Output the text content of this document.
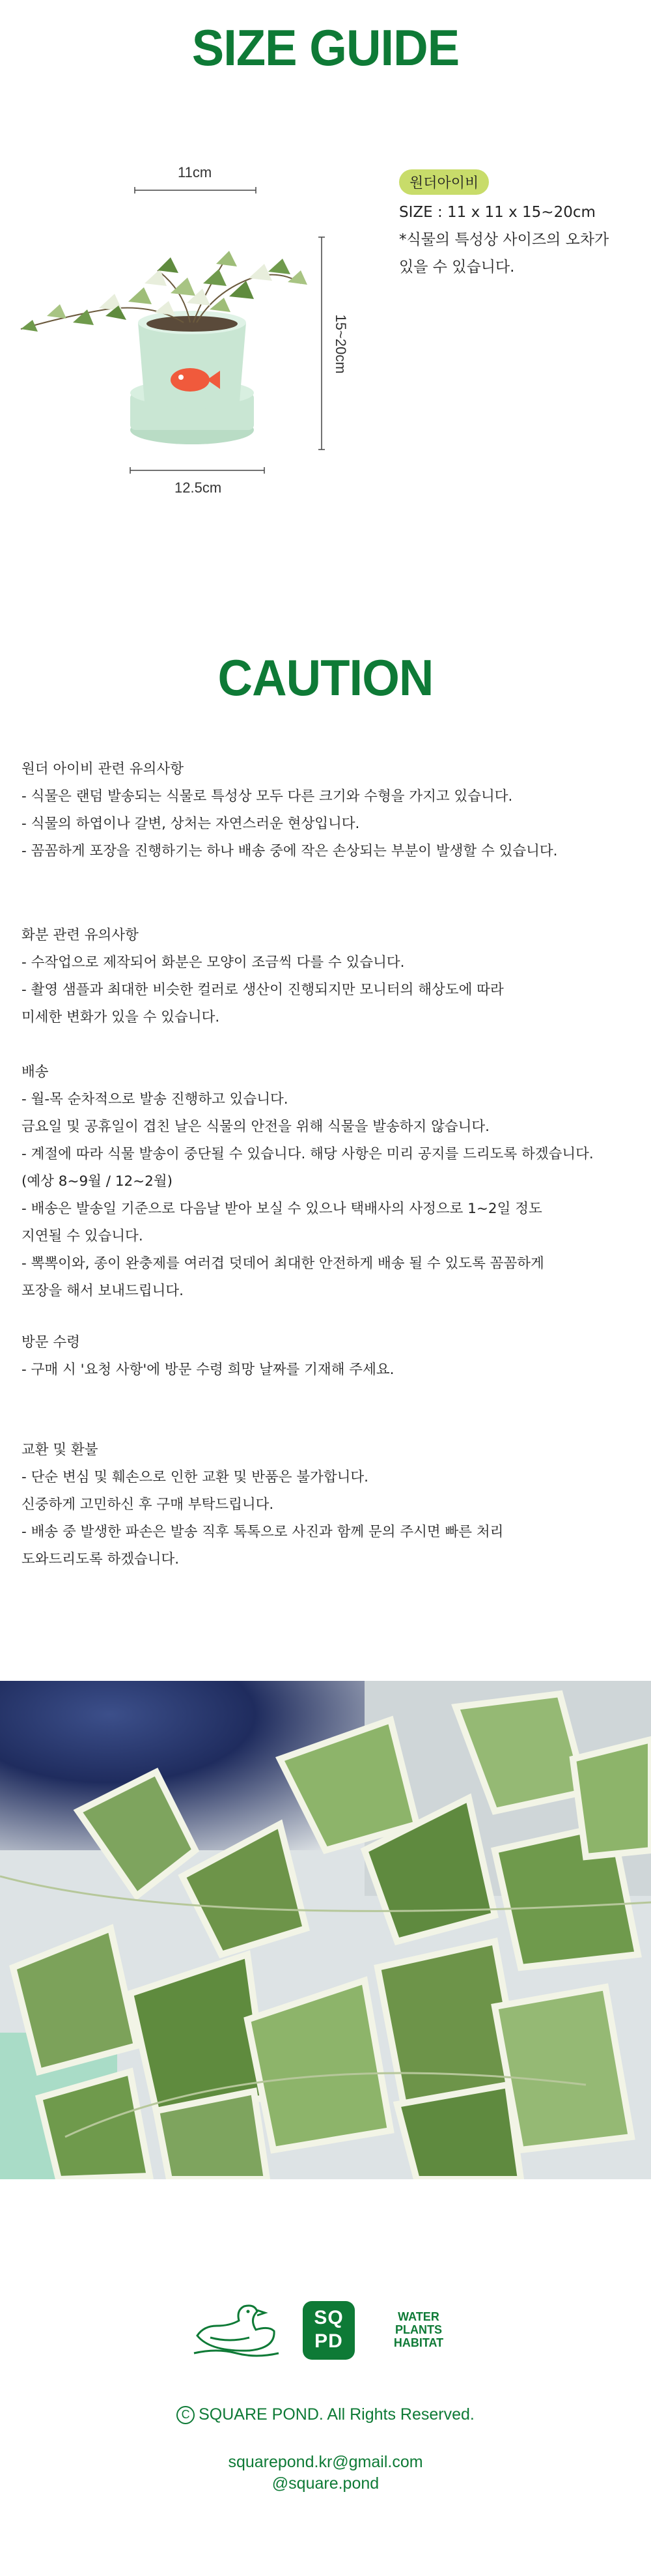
SIZE GUIDE
11cm
15~20cm
12.5cm
원더아이비
SIZE : 11 x 11 x 15~20cm
*식물의 특성상 사이즈의 오차가
있을 수 있습니다.
CAUTION

원더 아이비 관련 유의사항

- 식물은 랜덤 발송되는 식물로 특성상 모두 다른 크기와 수형을 가지고 있습니다.

- 식물의 하엽이나 갈변, 상처는 자연스러운 현상입니다.

- 꼼꼼하게 포장을 진행하기는 하나 배송 중에 작은 손상되는 부분이 발생할 수 있습니다.

화분 관련 유의사항

- 수작업으로 제작되어 화분은 모양이 조금씩 다를 수 있습니다.

- 촬영 샘플과 최대한 비슷한 컬러로 생산이 진행되지만 모니터의 해상도에 따라

미세한 변화가 있을 수 있습니다.

배송

- 월-목 순차적으로 발송 진행하고 있습니다.

금요일 및 공휴일이 겹친 날은 식물의 안전을 위해 식물을 발송하지 않습니다.

- 계절에 따라 식물 발송이 중단될 수 있습니다. 해당 사항은 미리 공지를 드리도록 하겠습니다.

(예상 8~9월 / 12~2월)

- 배송은 발송일 기준으로 다음날 받아 보실 수 있으나 택배사의 사정으로 1~2일 정도

지연될 수 있습니다.

- 뽁뽁이와, 종이 완충제를 여러겹 덧데어 최대한 안전하게 배송 될 수 있도록 꼼꼼하게

포장을 해서 보내드립니다.

방문 수령

- 구매 시 '요청 사항'에 방문 수령 희망 날짜를 기재해 주세요.

교환 및 환불

- 단순 변심 및 훼손으로 인한 교환 및 반품은 불가합니다.

신중하게 고민하신 후 구매 부탁드립니다.

- 배송 중 발생한 파손은 발송 직후 톡톡으로 사진과 함께 문의 주시면 빠른 처리

도와드리도록 하겠습니다.

SQPD
WATER
PLANTS
HABITAT
C SQUARE POND. All Rights Reserved.
squarepond.kr@gmail.com
@square.pond
